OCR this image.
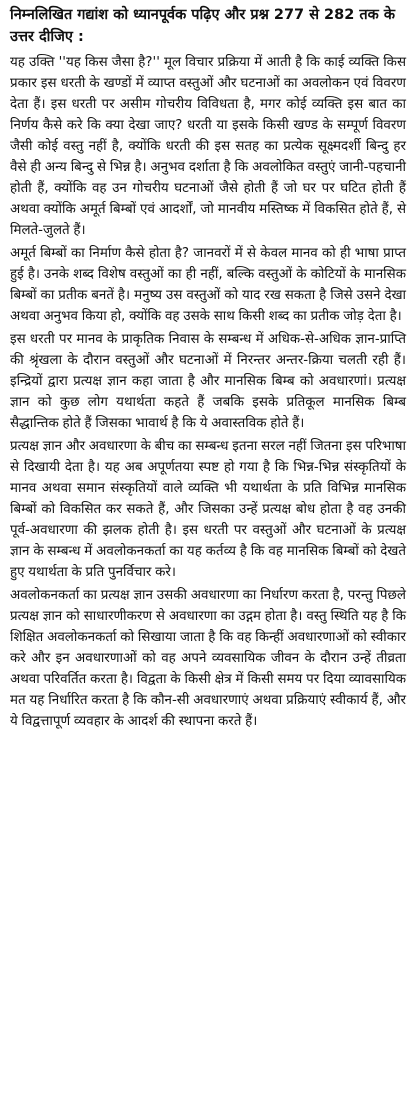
निम्नलिखित गद्यांश को ध्यानपूर्वक पढ़िए और प्रश्न 277 से 282 तक के उत्तर दीजिए :
यह उक्ति ''यह किस जैसा है?'' मूल विचार प्रक्रिया में आती है कि काई व्यक्ति किस प्रकार इस धरती के खण्डों में व्याप्त वस्तुओं और घटनाओं का अवलोकन एवं विवरण देता हैं। इस धरती पर असीम गोचरीय विविधता है, मगर कोई व्यक्ति इस बात का निर्णय कैसे करे कि क्या देखा जाए? धरती या इसके किसी खण्ड के सम्पूर्ण विवरण जैसी कोई वस्तु नहीं है, क्योंकि धरती की इस सतह का प्रत्येक सूक्ष्मदर्शी बिन्दु हर वैसे ही अन्य बिन्दु से भिन्न है। अनुभव दर्शाता है कि अवलोकित वस्तुएं जानी-पहचानी होती हैं, क्योंकि वह उन गोचरीय घटनाओं जैसे होती हैं जो घर पर घटित होती हैं अथवा क्योंकि अमूर्त बिम्बों एवं आदर्शों, जो मानवीय मस्तिष्क में विकसित होते हैं, से मिलते-जुलते हैं।
अमूर्त बिम्बों का निर्माण कैसे होता है? जानवरों में से केवल मानव को ही भाषा प्राप्त हुई है। उनके शब्द विशेष वस्तुओं का ही नहीं, बल्कि वस्तुओं के कोटियों के मानसिक बिम्बों का प्रतीक बनतें है। मनुष्य उस वस्तुओं को याद रख सकता है जिसे उसने देखा अथवा अनुभव किया हो, क्योंकि वह उसके साथ किसी शब्द का प्रतीक जोड़ देता है।
इस धरती पर मानव के प्राकृतिक निवास के सम्बन्ध में अधिक-से-अधिक ज्ञान-प्राप्ति की श्रृंखला के दौरान वस्तुओं और घटनाओं में निरन्तर अन्तर-क्रिया चलती रही हैं। इन्द्रियों द्वारा प्रत्यक्ष ज्ञान कहा जाता है और मानसिक बिम्ब को अवधारणां। प्रत्यक्ष ज्ञान को कुछ लोग यथार्थता कहते हैं जबकि इसके प्रतिकूल मानसिक बिम्ब सैद्धान्तिक होते हैं जिसका भावार्थ है कि ये अवास्तविक होते हैं।
प्रत्यक्ष ज्ञान और अवधारणा के बीच का सम्बन्ध इतना सरल नहीं जितना इस परिभाषा से दिखायी देता है। यह अब अपूर्णतया स्पष्ट हो गया है कि भिन्न-भिन्न संस्कृतियों के मानव अथवा समान संस्कृतियों वाले व्यक्ति भी यथार्थता के प्रति विभिन्न मानसिक बिम्बों को विकसित कर सकते हैं, और जिसका उन्हें प्रत्यक्ष बोध होता है वह उनकी पूर्व-अवधारणा की झलक होती है। इस धरती पर वस्तुओं और घटनाओं के प्रत्यक्ष ज्ञान के सम्बन्ध में अवलोकनकर्ता का यह कर्तव्य है कि वह मानसिक बिम्बों को देखते हुए यथार्थता के प्रति पुनर्विचार करे।
अवलोकनकर्ता का प्रत्यक्ष ज्ञान उसकी अवधारणा का निर्धारण करता है, परन्तु पिछले प्रत्यक्ष ज्ञान को साधारणीकरण से अवधारणा का उद्गम होता है। वस्तु स्थिति यह है कि शिक्षित अवलोकनकर्ता को सिखाया जाता है कि वह किन्हीं अवधारणाओं को स्वीकार करे और इन अवधारणाओं को वह अपने व्यवसायिक जीवन के दौरान उन्हें तीव्रता अथवा परिवर्तित करता है। विद्वता के किसी क्षेत्र में किसी समय पर दिया व्यावसायिक मत यह निर्धारित करता है कि कौन-सी अवधारणाएं अथवा प्रक्रियाएं स्वीकार्य हैं, और ये विद्वत्तापूर्ण व्यवहार के आदर्श की स्थापना करते हैं।
